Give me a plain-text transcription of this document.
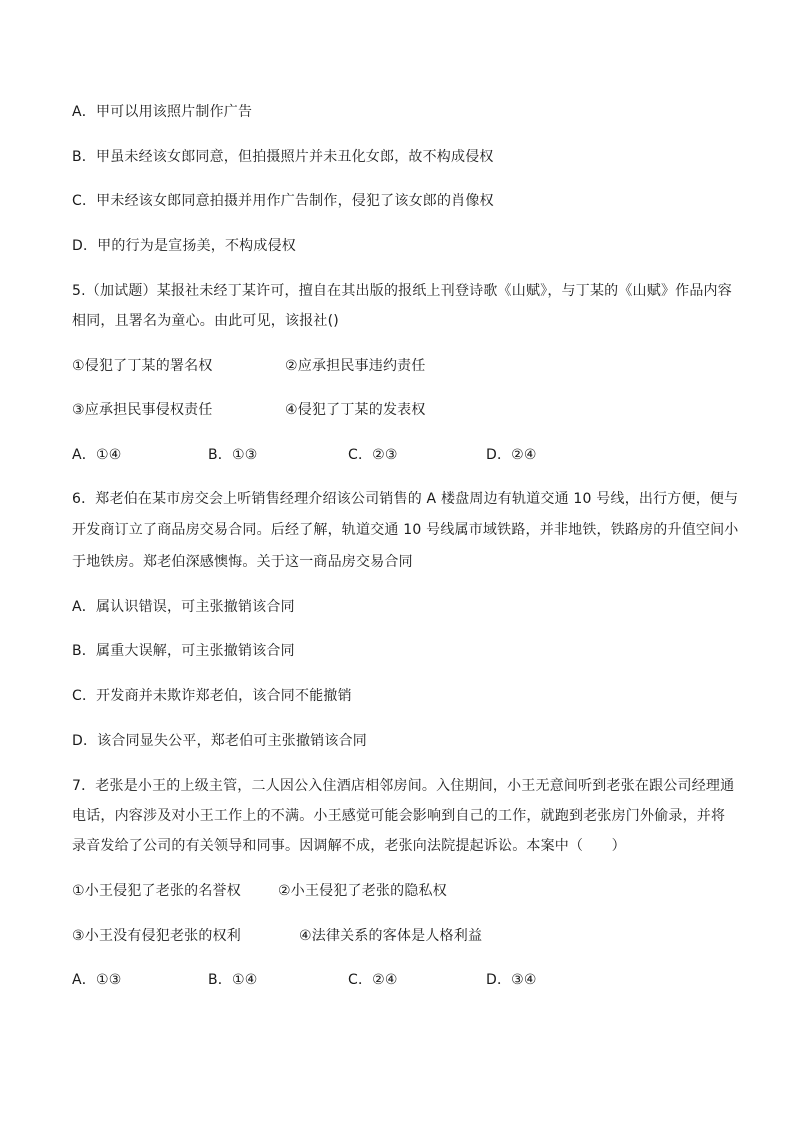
A．甲可以用该照片制作广告
B．甲虽未经该女郎同意，但拍摄照片并未丑化女郎，故不构成侵权
C．甲未经该女郎同意拍摄并用作广告制作，侵犯了该女郎的肖像权
D．甲的行为是宣扬美，不构成侵权
5.（加试题）某报社未经丁某许可，擅自在其出版的报纸上刊登诗歌《山赋》，与丁某的《山赋》作品内容
相同，且署名为童心。由此可见，该报社()
①侵犯了丁某的署名权	②应承担民事违约责任
③应承担民事侵权责任	④侵犯了丁某的发表权
A．①④	B．①③	C．②③	D．②④
6．郑老伯在某市房交会上听销售经理介绍该公司销售的 A 楼盘周边有轨道交通 10 号线，出行方便，便与
开发商订立了商品房交易合同。后经了解，轨道交通 10 号线属市域铁路，并非地铁，铁路房的升值空间小
于地铁房。郑老伯深感懊悔。关于这一商品房交易合同
A．属认识错误，可主张撤销该合同
B．属重大误解，可主张撤销该合同
C．开发商并未欺诈郑老伯，该合同不能撤销
D．该合同显失公平，郑老伯可主张撤销该合同
7．老张是小王的上级主管，二人因公入住酒店相邻房间。入住期间，小王无意间听到老张在跟公司经理通
电话，内容涉及对小王工作上的不满。小王感觉可能会影响到自己的工作，就跑到老张房门外偷录，并将
录音发给了公司的有关领导和同事。因调解不成，老张向法院提起诉讼。本案中（　　）
①小王侵犯了老张的名誉权	②小王侵犯了老张的隐私权
③小王没有侵犯老张的权利	④法律关系的客体是人格利益
A．①③	B．①④	C．②④	D．③④
